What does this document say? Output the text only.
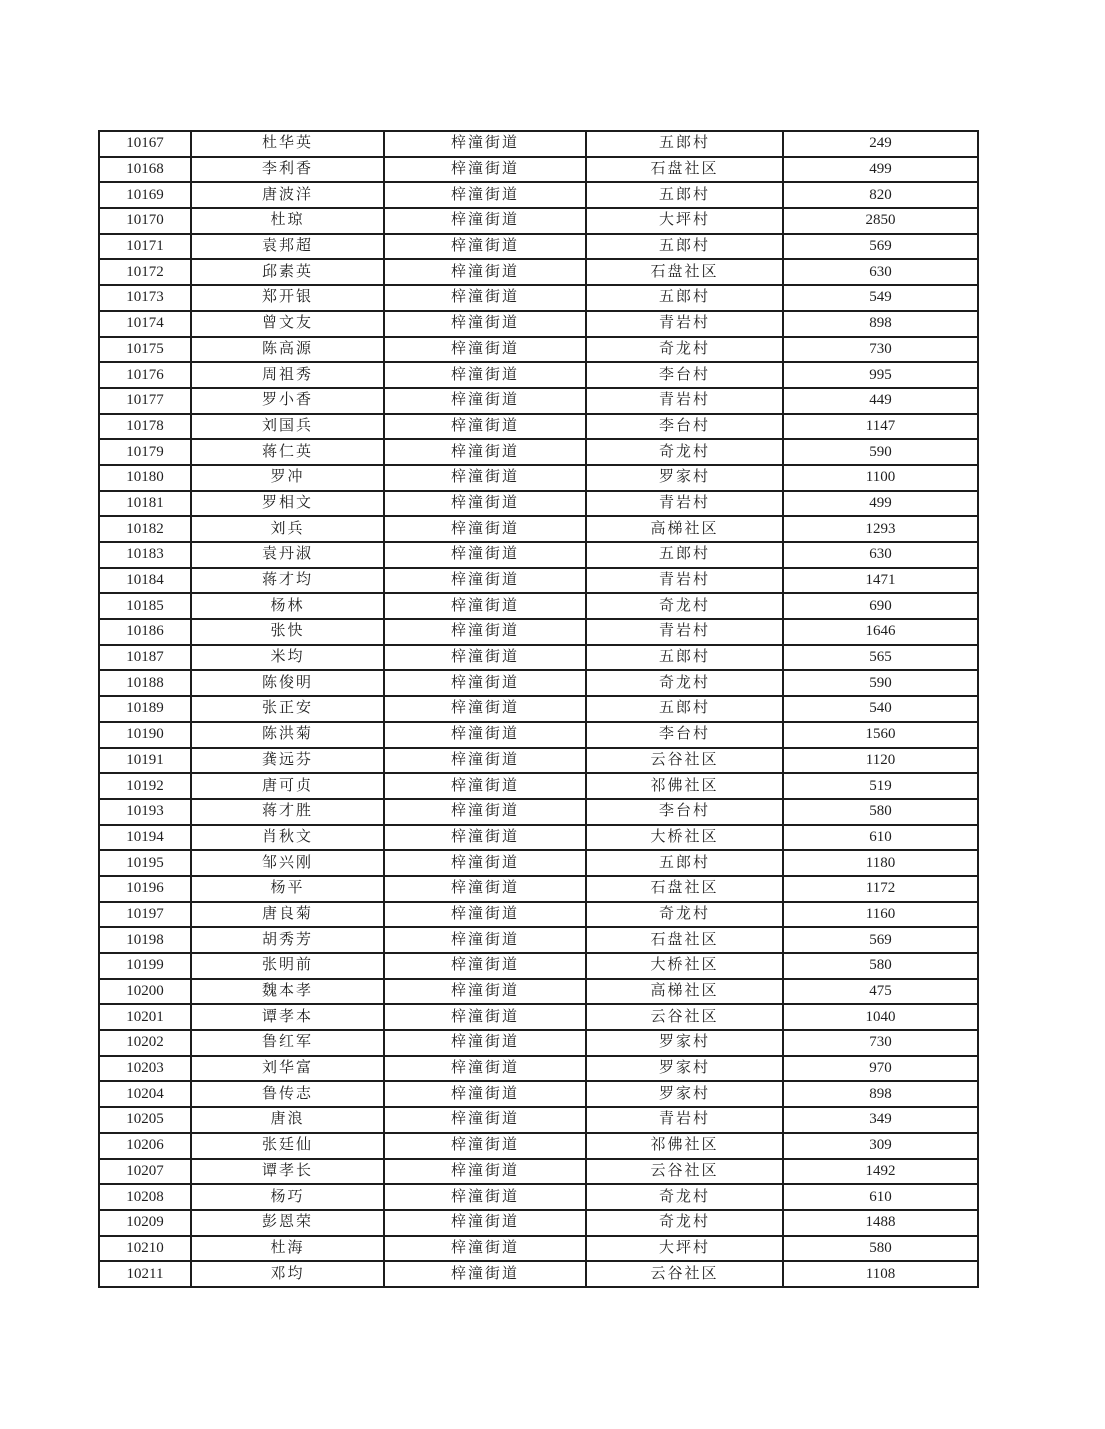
10167	杜华英	梓潼街道	五郎村	249
10168	李利香	梓潼街道	石盘社区	499
10169	唐波洋	梓潼街道	五郎村	820
10170	杜琼	梓潼街道	大坪村	2850
10171	袁邦超	梓潼街道	五郎村	569
10172	邱素英	梓潼街道	石盘社区	630
10173	郑开银	梓潼街道	五郎村	549
10174	曾文友	梓潼街道	青岩村	898
10175	陈高源	梓潼街道	奇龙村	730
10176	周祖秀	梓潼街道	李台村	995
10177	罗小香	梓潼街道	青岩村	449
10178	刘国兵	梓潼街道	李台村	1147
10179	蒋仁英	梓潼街道	奇龙村	590
10180	罗冲	梓潼街道	罗家村	1100
10181	罗相文	梓潼街道	青岩村	499
10182	刘兵	梓潼街道	高梯社区	1293
10183	袁丹淑	梓潼街道	五郎村	630
10184	蒋才均	梓潼街道	青岩村	1471
10185	杨林	梓潼街道	奇龙村	690
10186	张快	梓潼街道	青岩村	1646
10187	米均	梓潼街道	五郎村	565
10188	陈俊明	梓潼街道	奇龙村	590
10189	张正安	梓潼街道	五郎村	540
10190	陈洪菊	梓潼街道	李台村	1560
10191	龚远芬	梓潼街道	云谷社区	1120
10192	唐可贞	梓潼街道	祁佛社区	519
10193	蒋才胜	梓潼街道	李台村	580
10194	肖秋文	梓潼街道	大桥社区	610
10195	邹兴刚	梓潼街道	五郎村	1180
10196	杨平	梓潼街道	石盘社区	1172
10197	唐良菊	梓潼街道	奇龙村	1160
10198	胡秀芳	梓潼街道	石盘社区	569
10199	张明前	梓潼街道	大桥社区	580
10200	魏本孝	梓潼街道	高梯社区	475
10201	谭孝本	梓潼街道	云谷社区	1040
10202	鲁红军	梓潼街道	罗家村	730
10203	刘华富	梓潼街道	罗家村	970
10204	鲁传志	梓潼街道	罗家村	898
10205	唐浪	梓潼街道	青岩村	349
10206	张廷仙	梓潼街道	祁佛社区	309
10207	谭孝长	梓潼街道	云谷社区	1492
10208	杨巧	梓潼街道	奇龙村	610
10209	彭恩荣	梓潼街道	奇龙村	1488
10210	杜海	梓潼街道	大坪村	580
10211	邓均	梓潼街道	云谷社区	1108
